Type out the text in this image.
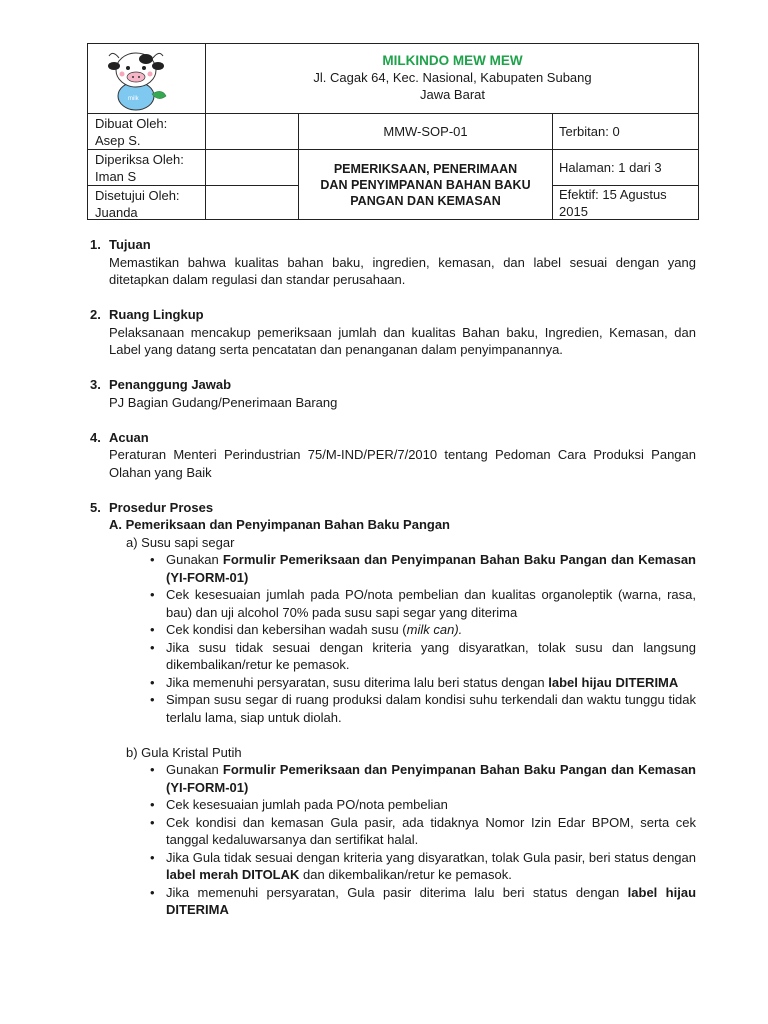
milk
MILKINDO MEW MEW
Jl. Cagak 64, Kec. Nasional, Kabupaten Subang
Jawa Barat
Dibuat Oleh:
Asep S.
Diperiksa Oleh:
Iman S
Disetujui Oleh:
Juanda
MMW-SOP-01
PEMERIKSAAN, PENERIMAAN
DAN PENYIMPANAN BAHAN BAKU
PANGAN DAN KEMASAN
Terbitan: 0
Halaman: 1 dari 3
Efektif: 15 Agustus
2015
1. Tujuan
Memastikan bahwa kualitas bahan baku, ingredien, kemasan, dan label sesuai dengan yang ditetapkan dalam regulasi dan standar perusahaan.
2. Ruang Lingkup
Pelaksanaan mencakup pemeriksaan jumlah dan kualitas Bahan baku, Ingredien, Kemasan, dan Label yang datang serta pencatatan dan penanganan dalam penyimpanannya.
3. Penanggung Jawab
PJ Bagian Gudang/Penerimaan Barang
4. Acuan
Peraturan Menteri Perindustrian 75/M-IND/PER/7/2010 tentang Pedoman Cara Produksi Pangan Olahan yang Baik
5. Prosedur Proses
A. Pemeriksaan dan Penyimpanan Bahan Baku Pangan
a) Susu sapi segar
• Gunakan Formulir Pemeriksaan dan Penyimpanan Bahan Baku Pangan dan Kemasan (YI-FORM-01)
• Cek kesesuaian jumlah pada PO/nota pembelian dan kualitas organoleptik (warna, rasa, bau) dan uji alcohol 70% pada susu sapi segar yang diterima
• Cek kondisi dan kebersihan wadah susu (milk can).
• Jika susu tidak sesuai dengan kriteria yang disyaratkan, tolak susu dan langsung dikembalikan/retur ke pemasok.
• Jika memenuhi persyaratan, susu diterima lalu beri status dengan label hijau DITERIMA
• Simpan susu segar di ruang produksi dalam kondisi suhu terkendali dan waktu tunggu tidak terlalu lama, siap untuk diolah.
b) Gula Kristal Putih
• Gunakan Formulir Pemeriksaan dan Penyimpanan Bahan Baku Pangan dan Kemasan (YI-FORM-01)
• Cek kesesuaian jumlah pada PO/nota pembelian
• Cek kondisi dan kemasan Gula pasir, ada tidaknya Nomor Izin Edar BPOM, serta cek tanggal kedaluwarsanya dan sertifikat halal.
• Jika Gula tidak sesuai dengan kriteria yang disyaratkan, tolak Gula pasir, beri status dengan label merah DITOLAK dan dikembalikan/retur ke pemasok.
• Jika memenuhi persyaratan, Gula pasir diterima lalu beri status dengan label hijau DITERIMA
